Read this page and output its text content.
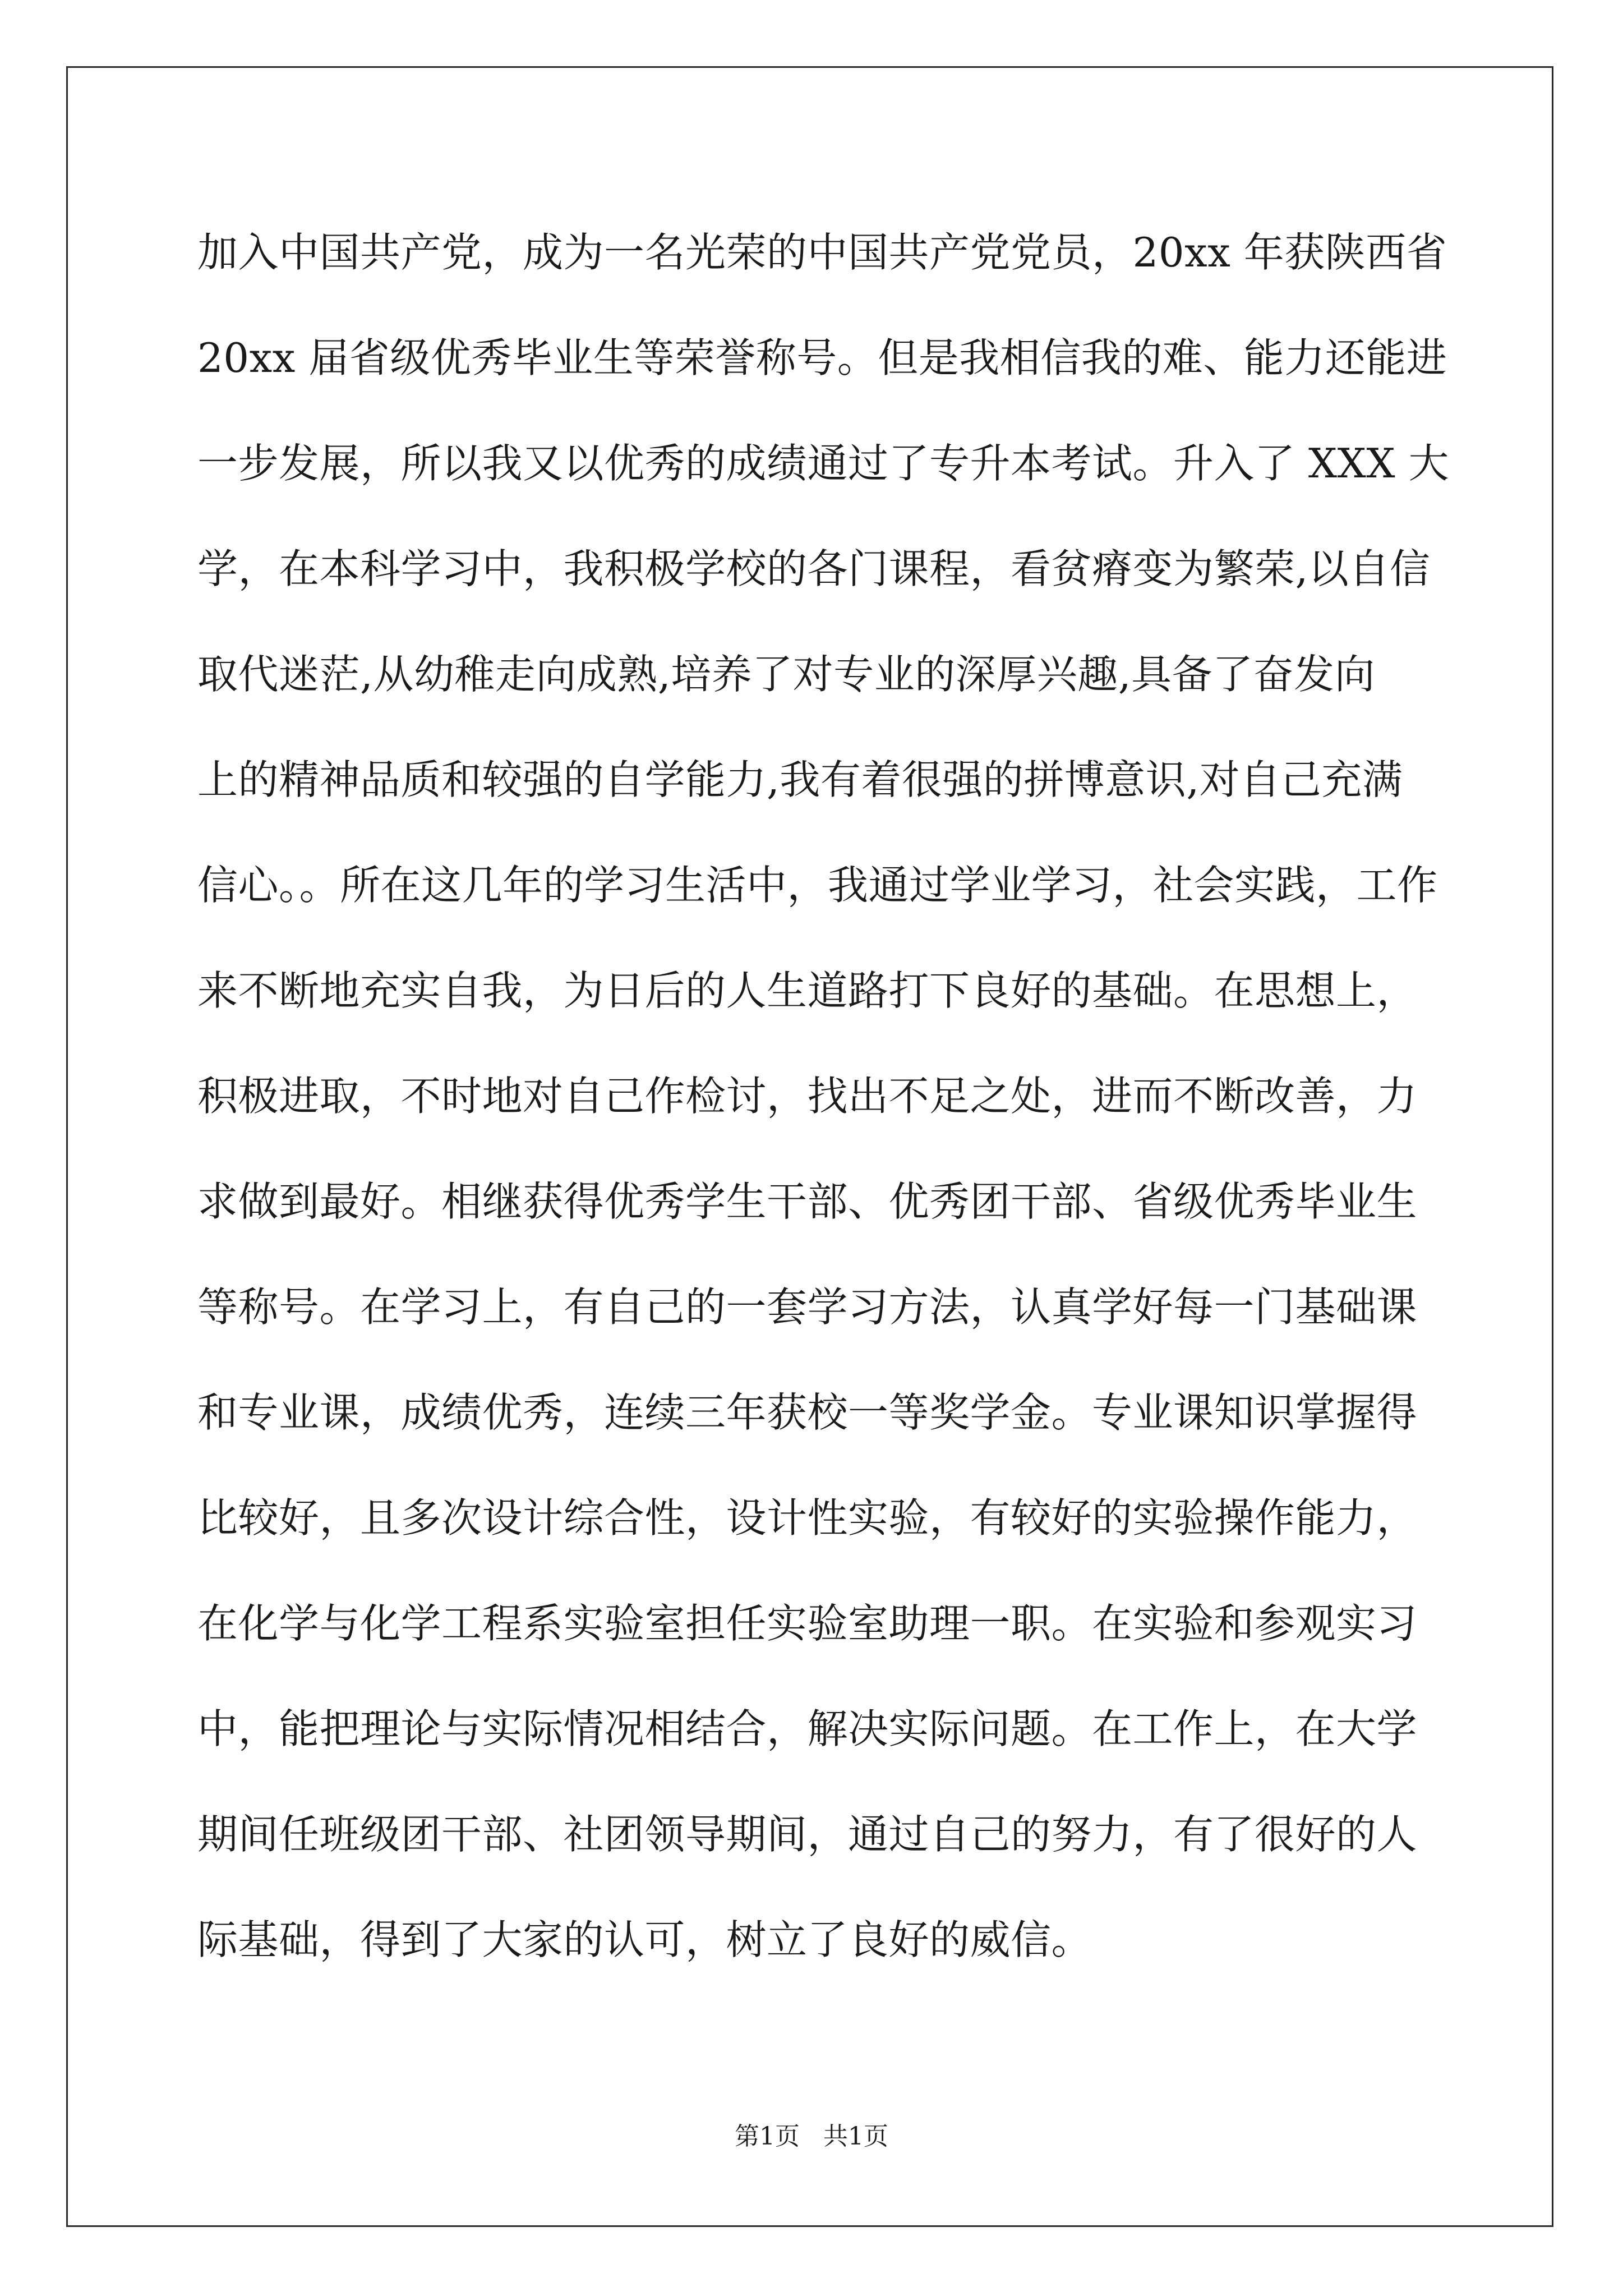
加入中国共产党，成为一名光荣的中国共产党党员，20xx 年获陕西省
20xx 届省级优秀毕业生等荣誉称号。但是我相信我的难、能力还能进
一步发展，所以我又以优秀的成绩通过了专升本考试。升入了 XXX 大
学，在本科学习中，我积极学校的各门课程，看贫瘠变为繁荣,以自信
取代迷茫,从幼稚走向成熟,培养了对专业的深厚兴趣,具备了奋发向
上的精神品质和较强的自学能力,我有着很强的拼博意识,对自己充满
信心。。所在这几年的学习生活中，我通过学业学习，社会实践，工作
来不断地充实自我，为日后的人生道路打下良好的基础。在思想上，
积极进取，不时地对自己作检讨，找出不足之处，进而不断改善，力
求做到最好。相继获得优秀学生干部、优秀团干部、省级优秀毕业生
等称号。在学习上，有自己的一套学习方法，认真学好每一门基础课
和专业课，成绩优秀，连续三年获校一等奖学金。专业课知识掌握得
比较好，且多次设计综合性，设计性实验，有较好的实验操作能力，
在化学与化学工程系实验室担任实验室助理一职。在实验和参观实习
中，能把理论与实际情况相结合，解决实际问题。在工作上，在大学
期间任班级团干部、社团领导期间，通过自己的努力，有了很好的人
际基础，得到了大家的认可，树立了良好的威信。
第1页   共1页
